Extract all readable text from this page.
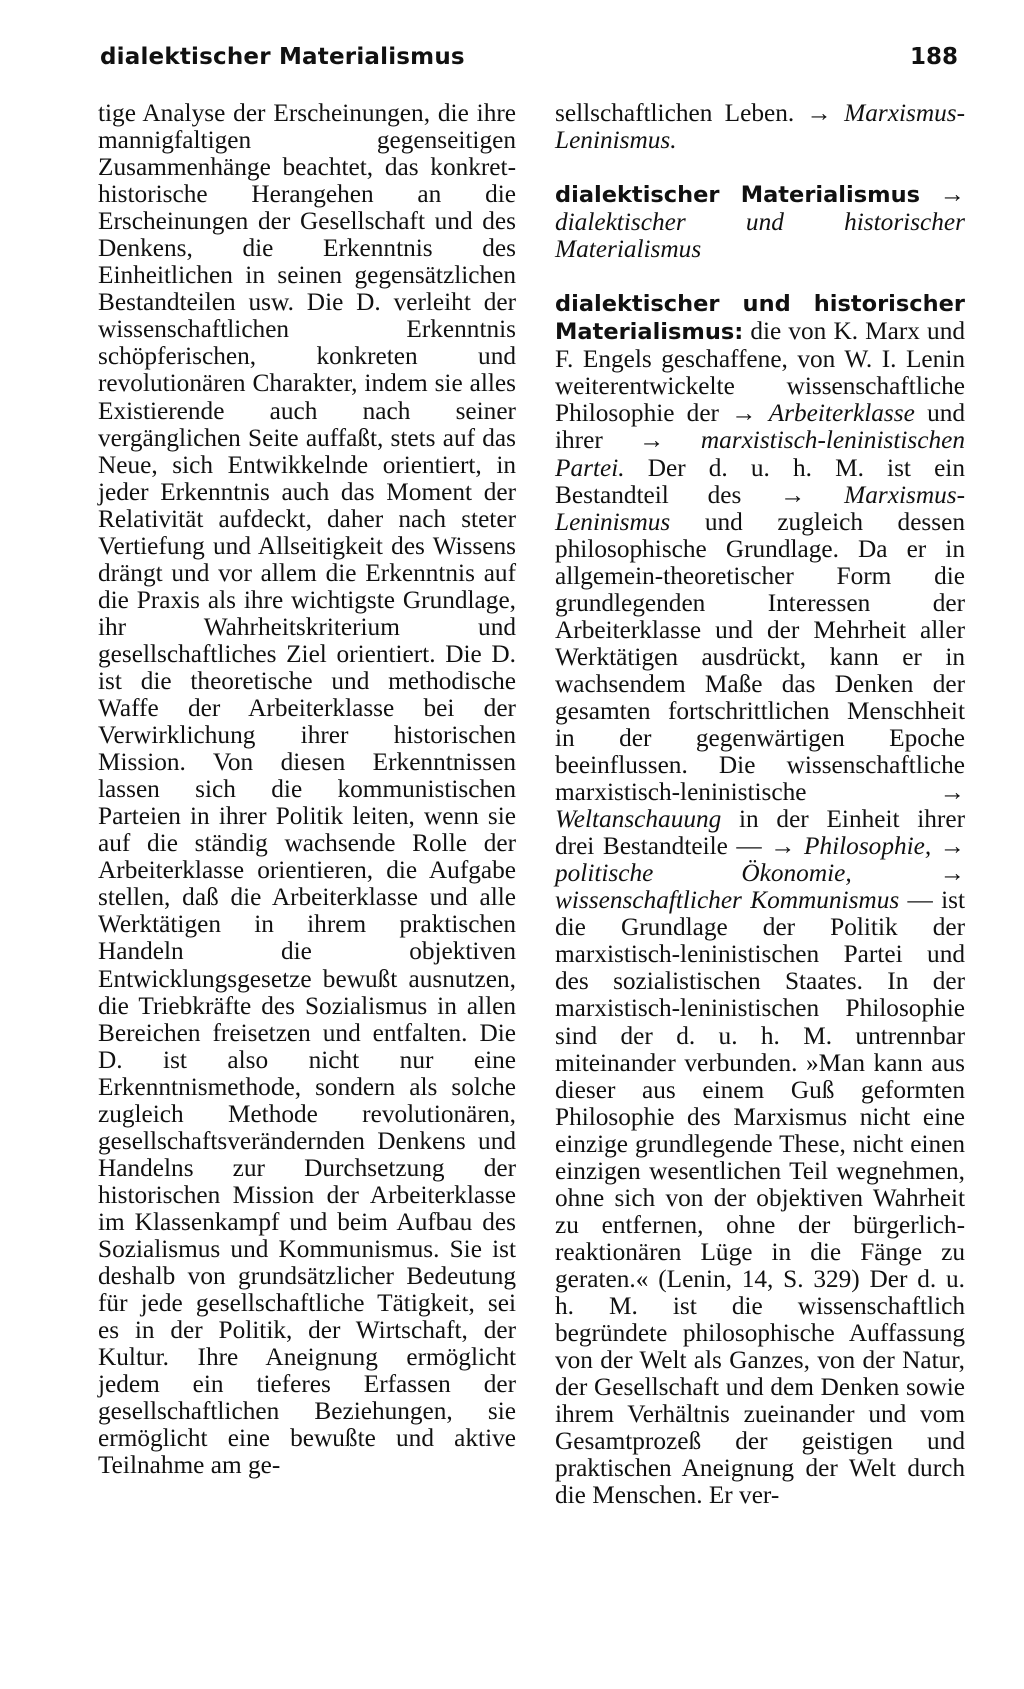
dialektischer Materialismus	188

tige Analyse der Erscheinungen, die ihre mannigfaltigen gegenseitigen Zusammenhänge beachtet, das konkret-historische Herangehen an die Erscheinungen der Gesellschaft und des Denkens, die Erkenntnis des Einheitlichen in seinen gegensätzlichen Bestandteilen usw. Die D. verleiht der wissenschaftlichen Erkenntnis schöpferischen, konkreten und revolutionären Charakter, indem sie alles Existierende auch nach seiner vergänglichen Seite auffaßt, stets auf das Neue, sich Entwikkelnde orientiert, in jeder Erkenntnis auch das Moment der Relativität aufdeckt, daher nach steter Vertiefung und Allseitigkeit des Wissens drängt und vor allem die Erkenntnis auf die Praxis als ihre wichtigste Grundlage, ihr Wahrheitskriterium und gesellschaftliches Ziel orientiert. Die D. ist die theoretische und methodische Waffe der Arbeiterklasse bei der Verwirklichung ihrer historischen Mission. Von diesen Erkenntnissen lassen sich die kommunistischen Parteien in ihrer Politik leiten, wenn sie auf die ständig wachsende Rolle der Arbeiterklasse orientieren, die Aufgabe stellen, daß die Arbeiterklasse und alle Werktätigen in ihrem praktischen Handeln die objektiven Entwicklungsgesetze bewußt ausnutzen, die Triebkräfte des Sozialismus in allen Bereichen freisetzen und entfalten. Die D. ist also nicht nur eine Erkenntnismethode, sondern als solche zugleich Methode revolutionären, gesellschaftsverändernden Denkens und Handelns zur Durchsetzung der historischen Mission der Arbeiterklasse im Klassenkampf und beim Aufbau des Sozialismus und Kommunismus. Sie ist deshalb von grundsätzlicher Bedeutung für jede gesellschaftliche Tätigkeit, sei es in der Politik, der Wirtschaft, der Kultur. Ihre Aneignung ermöglicht jedem ein tieferes Erfassen der gesellschaftlichen Beziehungen, sie ermöglicht eine bewußte und aktive Teilnahme am ge-

sellschaftlichen Leben. → Marxismus-Leninismus.

dialektischer Materialismus → dialektischer und historischer Materialismus

dialektischer und historischer Materialismus: die von K. Marx und F. Engels geschaffene, von W. I. Lenin weiterentwickelte wissenschaftliche Philosophie der → Arbeiterklasse und ihrer → marxistisch-leninistischen Partei. Der d. u. h. M. ist ein Bestandteil des → Marxismus-Leninismus und zugleich dessen philosophische Grundlage. Da er in allgemein-theoretischer Form die grundlegenden Interessen der Arbeiterklasse und der Mehrheit aller Werktätigen ausdrückt, kann er in wachsendem Maße das Denken der gesamten fortschrittlichen Menschheit in der gegenwärtigen Epoche beeinflussen. Die wissenschaftliche marxistisch-leninistische	→ Weltanschauung in der Einheit ihrer drei Bestandteile — → Philosophie, → politische Ökonomie,	→ wissenschaftlicher Kommunismus — ist die Grundlage der Politik der marxistisch-leninistischen Partei und des sozialistischen Staates. In der marxistisch-leninistischen Philosophie sind der d. u. h. M. untrennbar miteinander verbunden. »Man kann aus dieser aus einem Guß geformten Philosophie des Marxismus nicht eine einzige grundlegende These, nicht einen einzigen wesentlichen Teil wegnehmen, ohne sich von der objektiven Wahrheit zu entfernen, ohne der bürgerlich-reaktionären Lüge in die Fänge zu geraten.« (Lenin, 14, S. 329) Der d. u. h. M. ist die wissenschaftlich begründete philosophische Auffassung von der Welt als Ganzes, von der Natur, der Gesellschaft und dem Denken sowie ihrem Verhältnis zueinander und vom Gesamtprozeß der geistigen und praktischen Aneignung der Welt durch die Menschen. Er ver-
